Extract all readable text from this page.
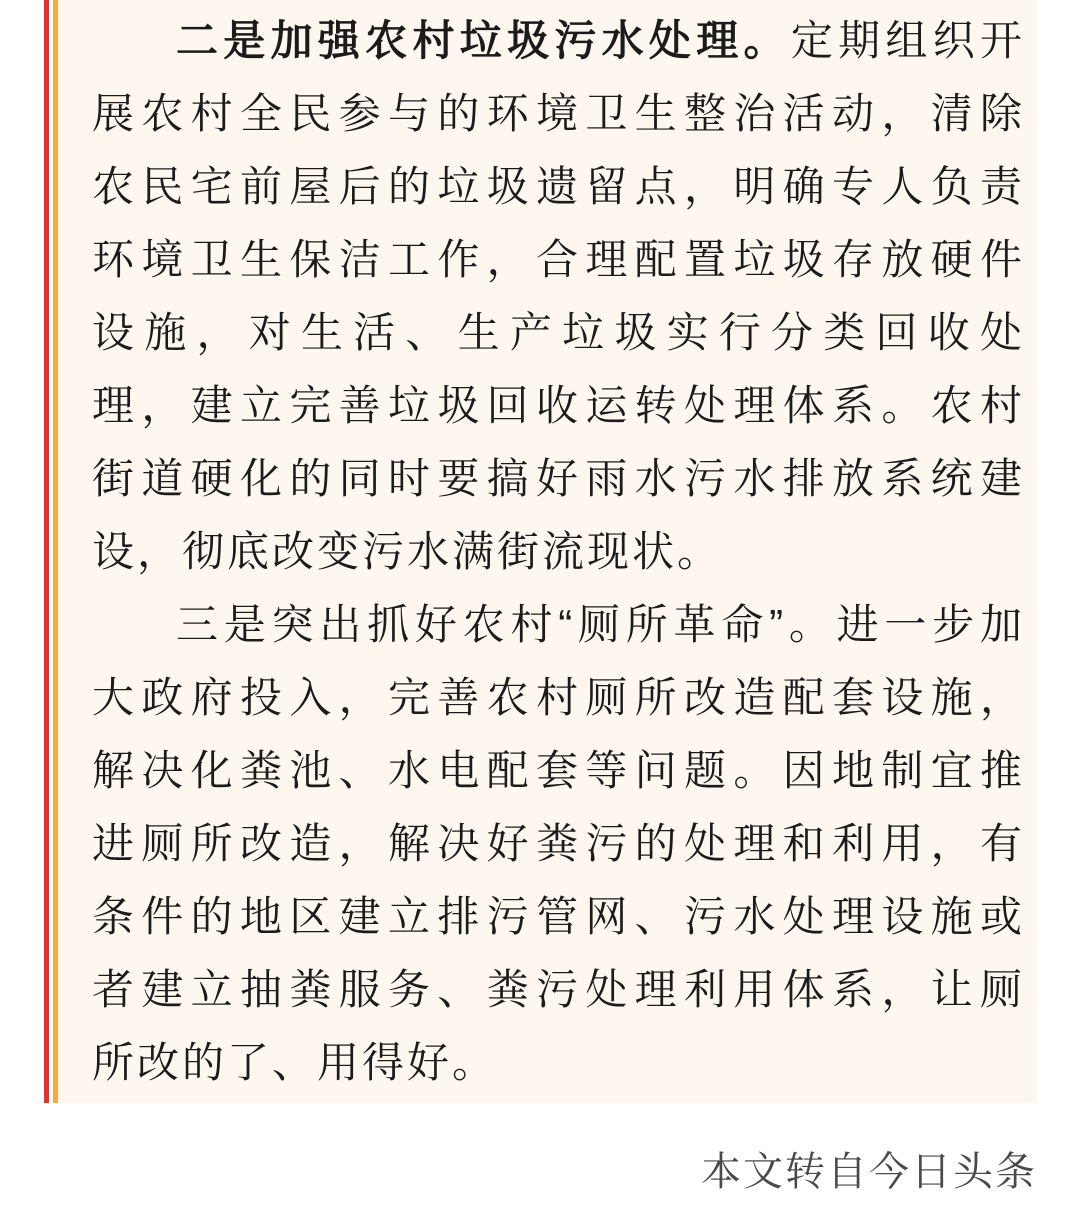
二是加强农村垃圾污水处理。定期组织开
展农村全民参与的环境卫生整治活动，清除
农民宅前屋后的垃圾遗留点，明确专人负责
环境卫生保洁工作，合理配置垃圾存放硬件
设施，对生活、生产垃圾实行分类回收处
理，建立完善垃圾回收运转处理体系。农村
街道硬化的同时要搞好雨水污水排放系统建
设，彻底改变污水满街流现状。
三是突出抓好农村“厕所革命”。进一步加
大政府投入，完善农村厕所改造配套设施，
解决化粪池、水电配套等问题。因地制宜推
进厕所改造，解决好粪污的处理和利用，有
条件的地区建立排污管网、污水处理设施或
者建立抽粪服务、粪污处理利用体系，让厕
所改的了、用得好。
本文转自今日头条
